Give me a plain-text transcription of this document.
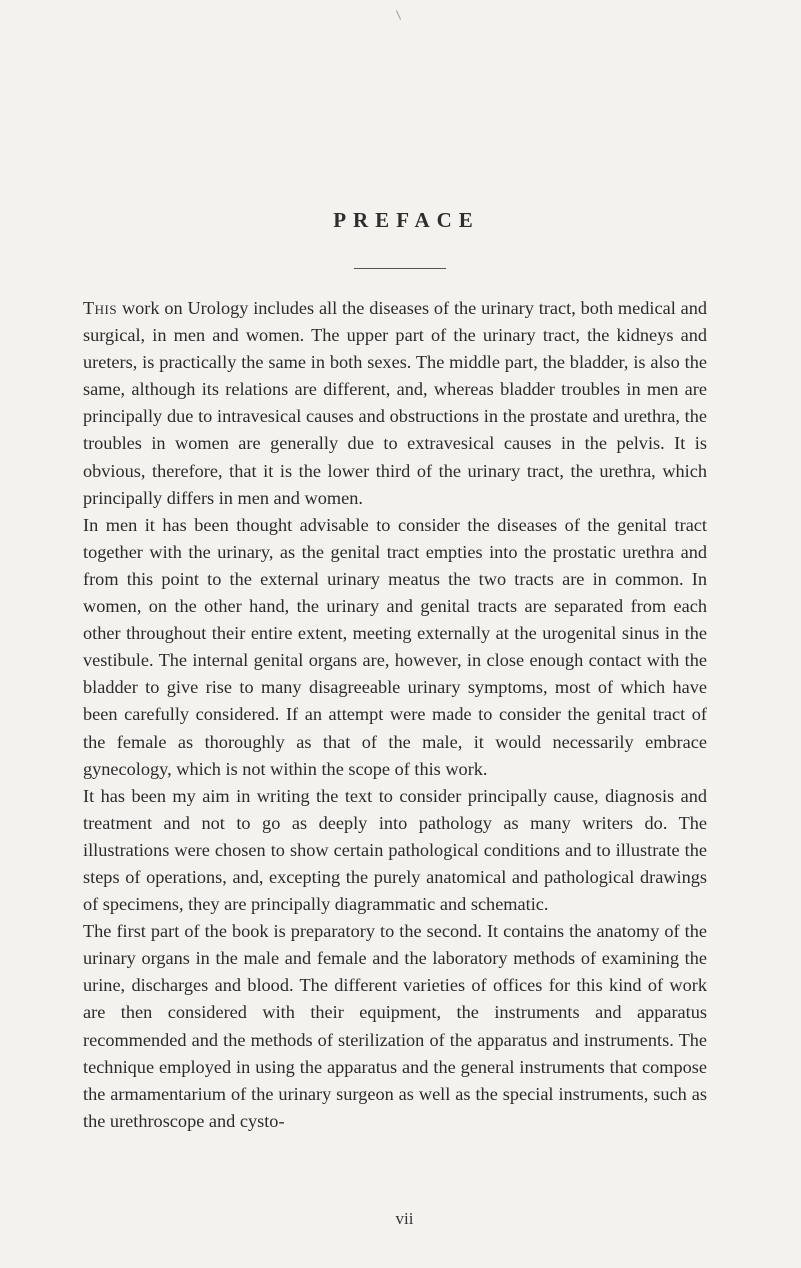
PREFACE

This work on Urology includes all the diseases of the urinary tract, both medical and surgical, in men and women. The upper part of the urinary tract, the kidneys and ureters, is practically the same in both sexes. The middle part, the bladder, is also the same, although its relations are different, and, whereas bladder troubles in men are principally due to intravesical causes and obstructions in the prostate and urethra, the troubles in women are generally due to extravesical causes in the pelvis. It is obvious, therefore, that it is the lower third of the urinary tract, the urethra, which principally differs in men and women.

In men it has been thought advisable to consider the diseases of the genital tract together with the urinary, as the genital tract empties into the prostatic urethra and from this point to the external urinary meatus the two tracts are in common. In women, on the other hand, the urinary and genital tracts are separated from each other throughout their entire extent, meeting externally at the urogenital sinus in the vestibule. The internal genital organs are, however, in close enough contact with the bladder to give rise to many disagreeable urinary symptoms, most of which have been carefully considered. If an attempt were made to consider the genital tract of the female as thoroughly as that of the male, it would necessarily embrace gynecology, which is not within the scope of this work.

It has been my aim in writing the text to consider principally cause, diagnosis and treatment and not to go as deeply into pathology as many writers do. The illustrations were chosen to show certain pathological conditions and to illustrate the steps of operations, and, excepting the purely anatomical and pathological drawings of specimens, they are principally diagrammatic and schematic.

The first part of the book is preparatory to the second. It contains the anatomy of the urinary organs in the male and female and the laboratory methods of examining the urine, discharges and blood. The different varieties of offices for this kind of work are then considered with their equipment, the instruments and apparatus recommended and the methods of sterilization of the apparatus and instruments. The technique employed in using the apparatus and the general instruments that compose the armamentarium of the urinary surgeon as well as the special instruments, such as the urethroscope and cysto-

vii
